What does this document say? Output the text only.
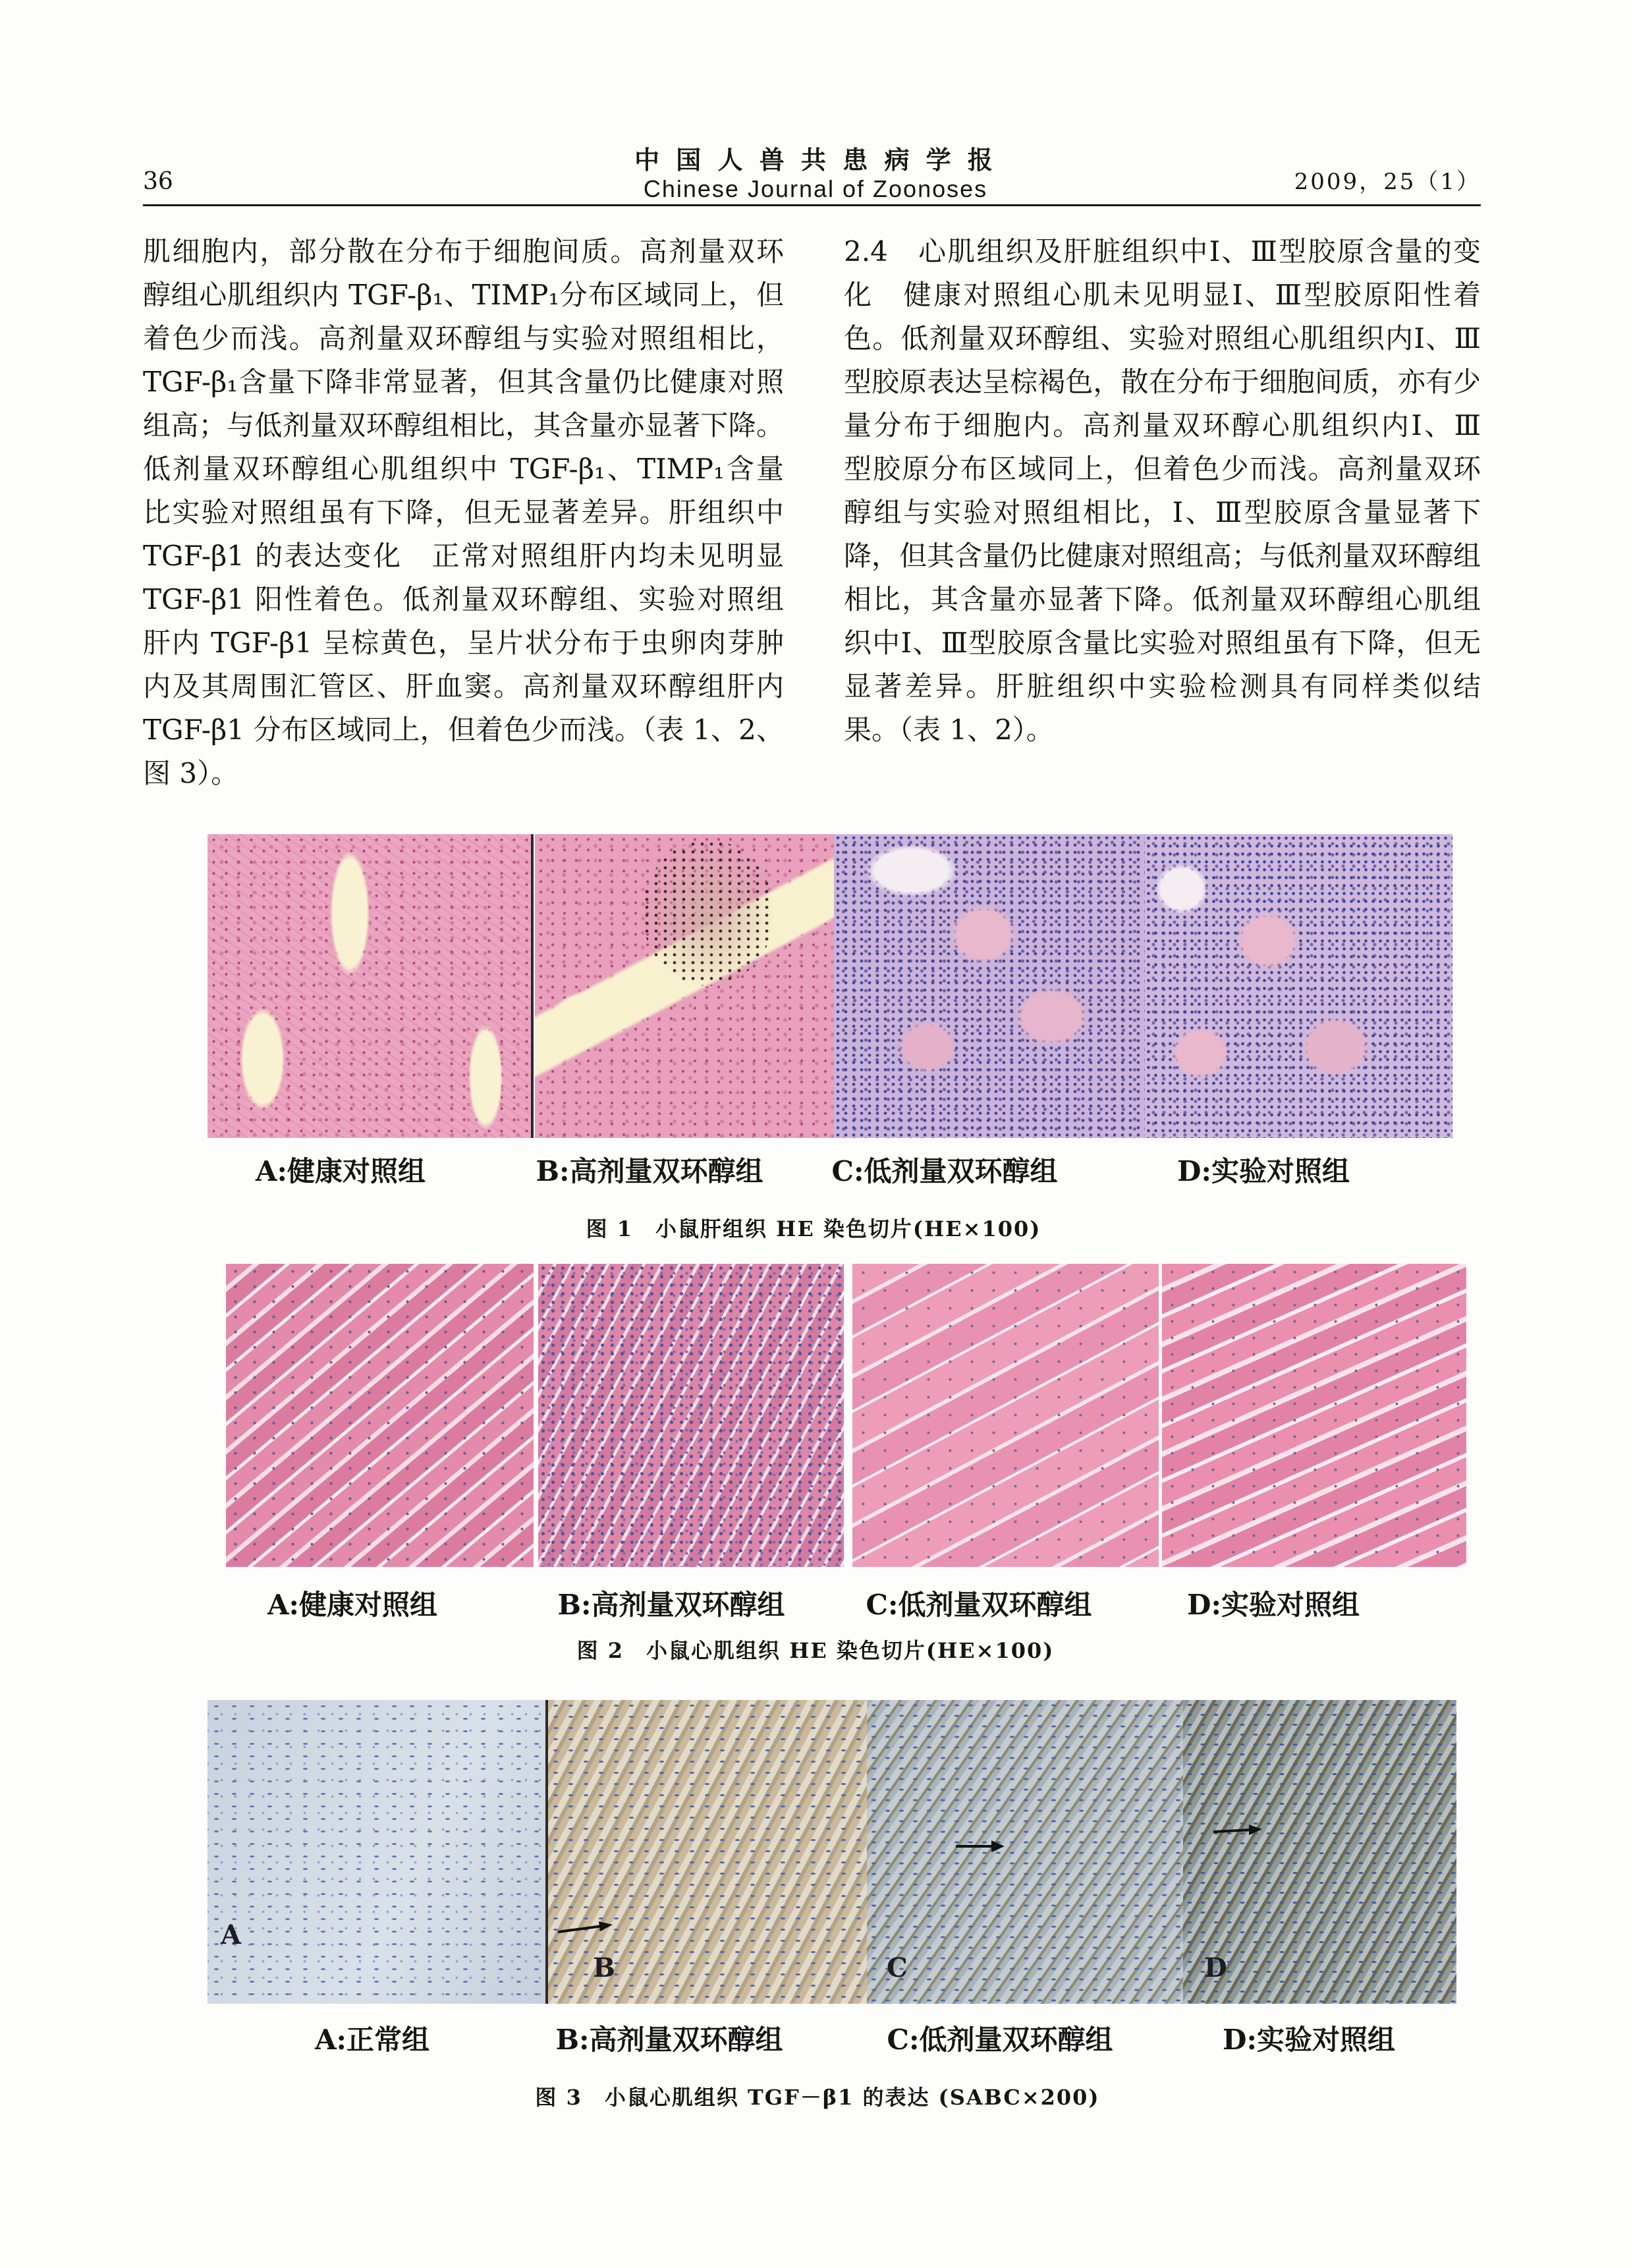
36
中 国 人 兽 共 患 病 学 报
Chinese Journal of Zoonoses	2009，25（1）
肌细胞内，部分散在分布于细胞间质。高剂量双环
醇组心肌组织内 TGF-β₁、TIMP₁分布区域同上，但
着色少而浅。高剂量双环醇组与实验对照组相比，
TGF-β₁含量下降非常显著，但其含量仍比健康对照
组高；与低剂量双环醇组相比，其含量亦显著下降。
低剂量双环醇组心肌组织中 TGF-β₁、TIMP₁含量
比实验对照组虽有下降，但无显著差异。肝组织中
TGF-β1 的表达变化　正常对照组肝内均未见明显
TGF-β1 阳性着色。低剂量双环醇组、实验对照组
肝内 TGF-β1 呈棕黄色，呈片状分布于虫卵肉芽肿
内及其周围汇管区、肝血窦。高剂量双环醇组肝内
TGF-β1 分布区域同上，但着色少而浅。（表 1、2、
图 3）。
2.4　心肌组织及肝脏组织中Ⅰ、Ⅲ型胶原含量的变
化　健康对照组心肌未见明显Ⅰ、Ⅲ型胶原阳性着
色。低剂量双环醇组、实验对照组心肌组织内Ⅰ、Ⅲ
型胶原表达呈棕褐色，散在分布于细胞间质，亦有少
量分布于细胞内。高剂量双环醇心肌组织内Ⅰ、Ⅲ
型胶原分布区域同上，但着色少而浅。高剂量双环
醇组与实验对照组相比，Ⅰ、Ⅲ型胶原含量显著下
降，但其含量仍比健康对照组高；与低剂量双环醇组
相比，其含量亦显著下降。低剂量双环醇组心肌组
织中Ⅰ、Ⅲ型胶原含量比实验对照组虽有下降，但无
显著差异。肝脏组织中实验检测具有同样类似结
果。（表 1、2）。
A:健康对照组	B:高剂量双环醇组	C:低剂量双环醇组	D:实验对照组
图 1　小鼠肝组织 HE 染色切片(HE×100)
A:健康对照组	B:高剂量双环醇组	C:低剂量双环醇组	D:实验对照组
图 2　小鼠心肌组织 HE 染色切片(HE×100)
A
B	C	D
A:正常组	B:高剂量双环醇组	C:低剂量双环醇组	D:实验对照组
图 3　小鼠心肌组织 TGF－β1 的表达 (SABC×200)
